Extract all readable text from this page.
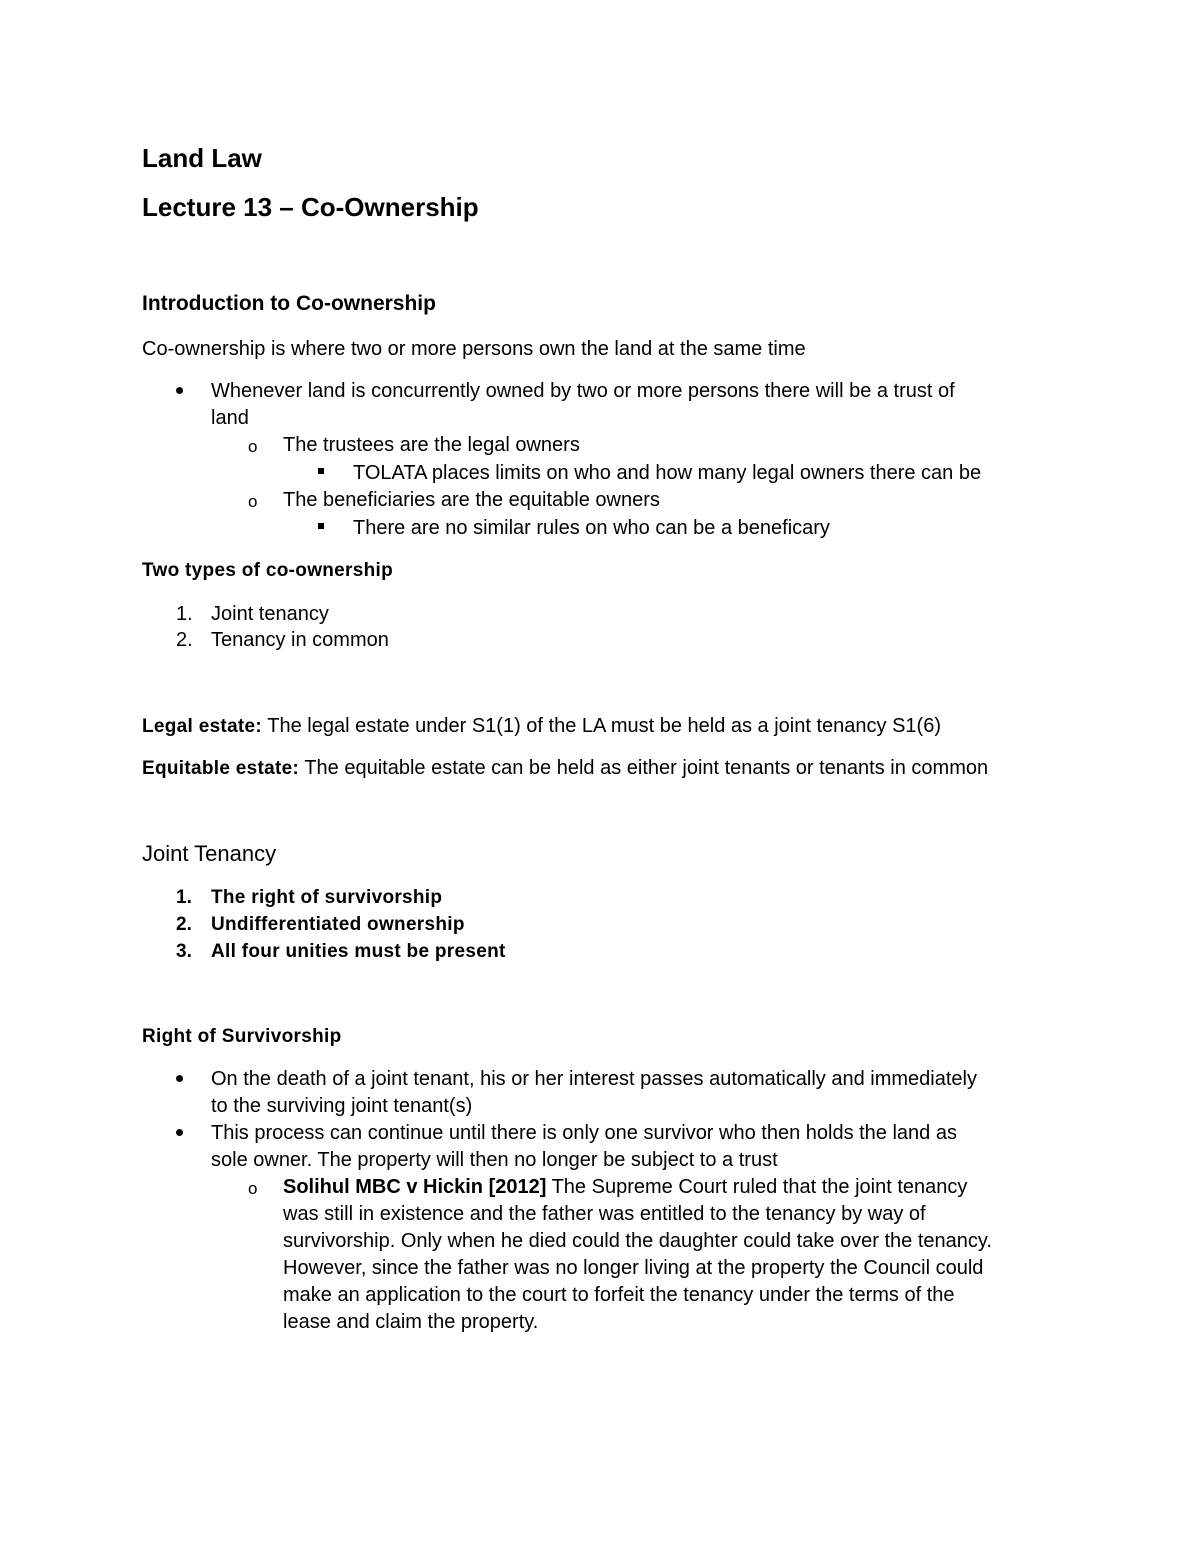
Land Law
Lecture 13 – Co-Ownership
Introduction to Co-ownership
Co-ownership is where two or more persons own the land at the same time
Whenever land is concurrently owned by two or more persons there will be a trust of
land
o The trustees are the legal owners
TOLATA places limits on who and how many legal owners there can be
o The beneficiaries are the equitable owners
There are no similar rules on who can be a beneficary
Two types of co-ownership
1. Joint tenancy
2. Tenancy in common
Legal estate: The legal estate under S1(1) of the LA must be held as a joint tenancy S1(6)
Equitable estate: The equitable estate can be held as either joint tenants or tenants in common
Joint Tenancy
1. The right of survivorship
2. Undifferentiated ownership
3. All four unities must be present
Right of Survivorship
On the death of a joint tenant, his or her interest passes automatically and immediately
to the surviving joint tenant(s)
This process can continue until there is only one survivor who then holds the land as
sole owner. The property will then no longer be subject to a trust
o Solihul MBC v Hickin [2012] The Supreme Court ruled that the joint tenancy
was still in existence and the father was entitled to the tenancy by way of
survivorship. Only when he died could the daughter could take over the tenancy.
However, since the father was no longer living at the property the Council could
make an application to the court to forfeit the tenancy under the terms of the
lease and claim the property.
